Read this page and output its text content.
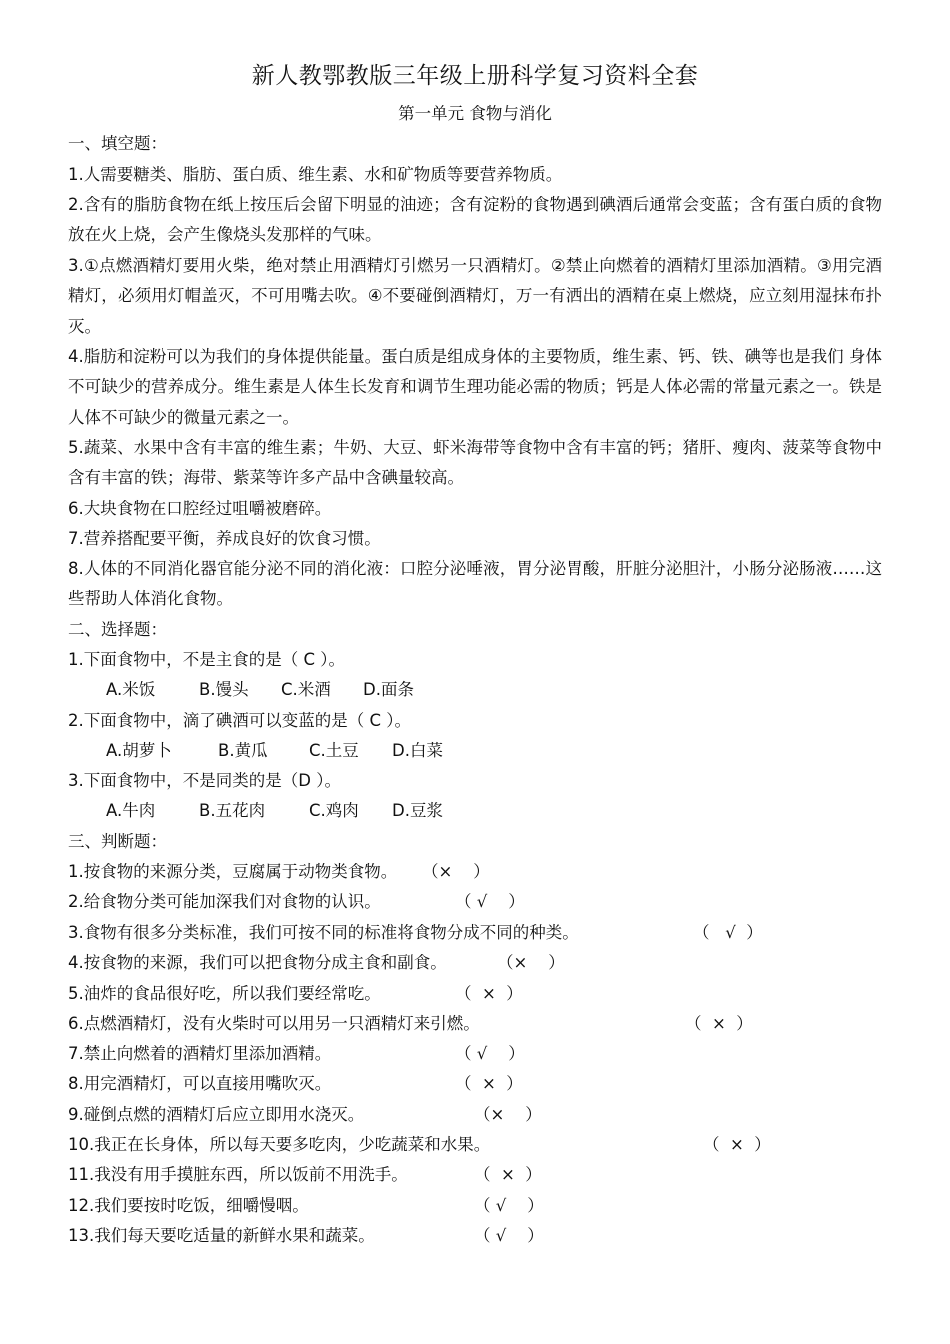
新人教鄂教版三年级上册科学复习资料全套
第一单元 食物与消化
一、填空题：
1.人需要糖类、脂肪、蛋白质、维生素、水和矿物质等要营养物质。
2.含有的脂肪食物在纸上按压后会留下明显的油迹；含有淀粉的食物遇到碘酒后通常会变蓝；含有蛋白质的食物放在火上烧，会产生像烧头发那样的气味。
3.①点燃酒精灯要用火柴，绝对禁止用酒精灯引燃另一只酒精灯。②禁止向燃着的酒精灯里添加酒精。③用完酒精灯，必须用灯帽盖灭，不可用嘴去吹。④不要碰倒酒精灯，万一有洒出的酒精在桌上燃烧，应立刻用湿抹布扑灭。
4.脂肪和淀粉可以为我们的身体提供能量。蛋白质是组成身体的主要物质，维生素、钙、铁、碘等也是我们 身体不可缺少的营养成分。维生素是人体生长发育和调节生理功能必需的物质；钙是人体必需的常量元素之一。铁是人体不可缺少的微量元素之一。
5.蔬菜、水果中含有丰富的维生素；牛奶、大豆、虾米海带等食物中含有丰富的钙；猪肝、瘦肉、菠菜等食物中含有丰富的铁；海带、紫菜等许多产品中含碘量较高。
6.大块食物在口腔经过咀嚼被磨碎。
7.营养搭配要平衡，养成良好的饮食习惯。
8.人体的不同消化器官能分泌不同的消化液：口腔分泌唾液，胃分泌胃酸，肝脏分泌胆汁，小肠分泌肠液……这些帮助人体消化食物。
二、选择题：
1.下面食物中，不是主食的是（ C ）。
A.米饭	B.馒头 C.米酒 D.面条
2.下面食物中，滴了碘酒可以变蓝的是（ C ）。
A.胡萝卜	B.黄瓜	C.土豆 D.白菜
3.下面食物中，不是同类的是（D ）。
A.牛肉	B.五花肉	C.鸡肉 D.豆浆
三、判断题：
1.按食物的来源分类，豆腐属于动物类食物。 （×    ）
2.给食物分类可能加深我们对食物的认识。	（ √    ）
3.食物有很多分类标准，我们可按不同的标准将食物分成不同的种类。	（   √  ）
4.按食物的来源，我们可以把食物分成主食和副食。	（×    ）
5.油炸的食品很好吃，所以我们要经常吃。	（  ×  ）
6.点燃酒精灯，没有火柴时可以用另一只酒精灯来引燃。	（  ×  ）
7.禁止向燃着的酒精灯里添加酒精。	（ √    ）
8.用完酒精灯，可以直接用嘴吹灭。	（  ×  ）
9.碰倒点燃的酒精灯后应立即用水浇灭。	（×    ）
10.我正在长身体，所以每天要多吃肉，少吃蔬菜和水果。	（  ×  ）
11.我没有用手摸脏东西，所以饭前不用洗手。	（  ×  ）
12.我们要按时吃饭，细嚼慢咽。	（ √    ）
13.我们每天要吃适量的新鲜水果和蔬菜。	（ √    ）
